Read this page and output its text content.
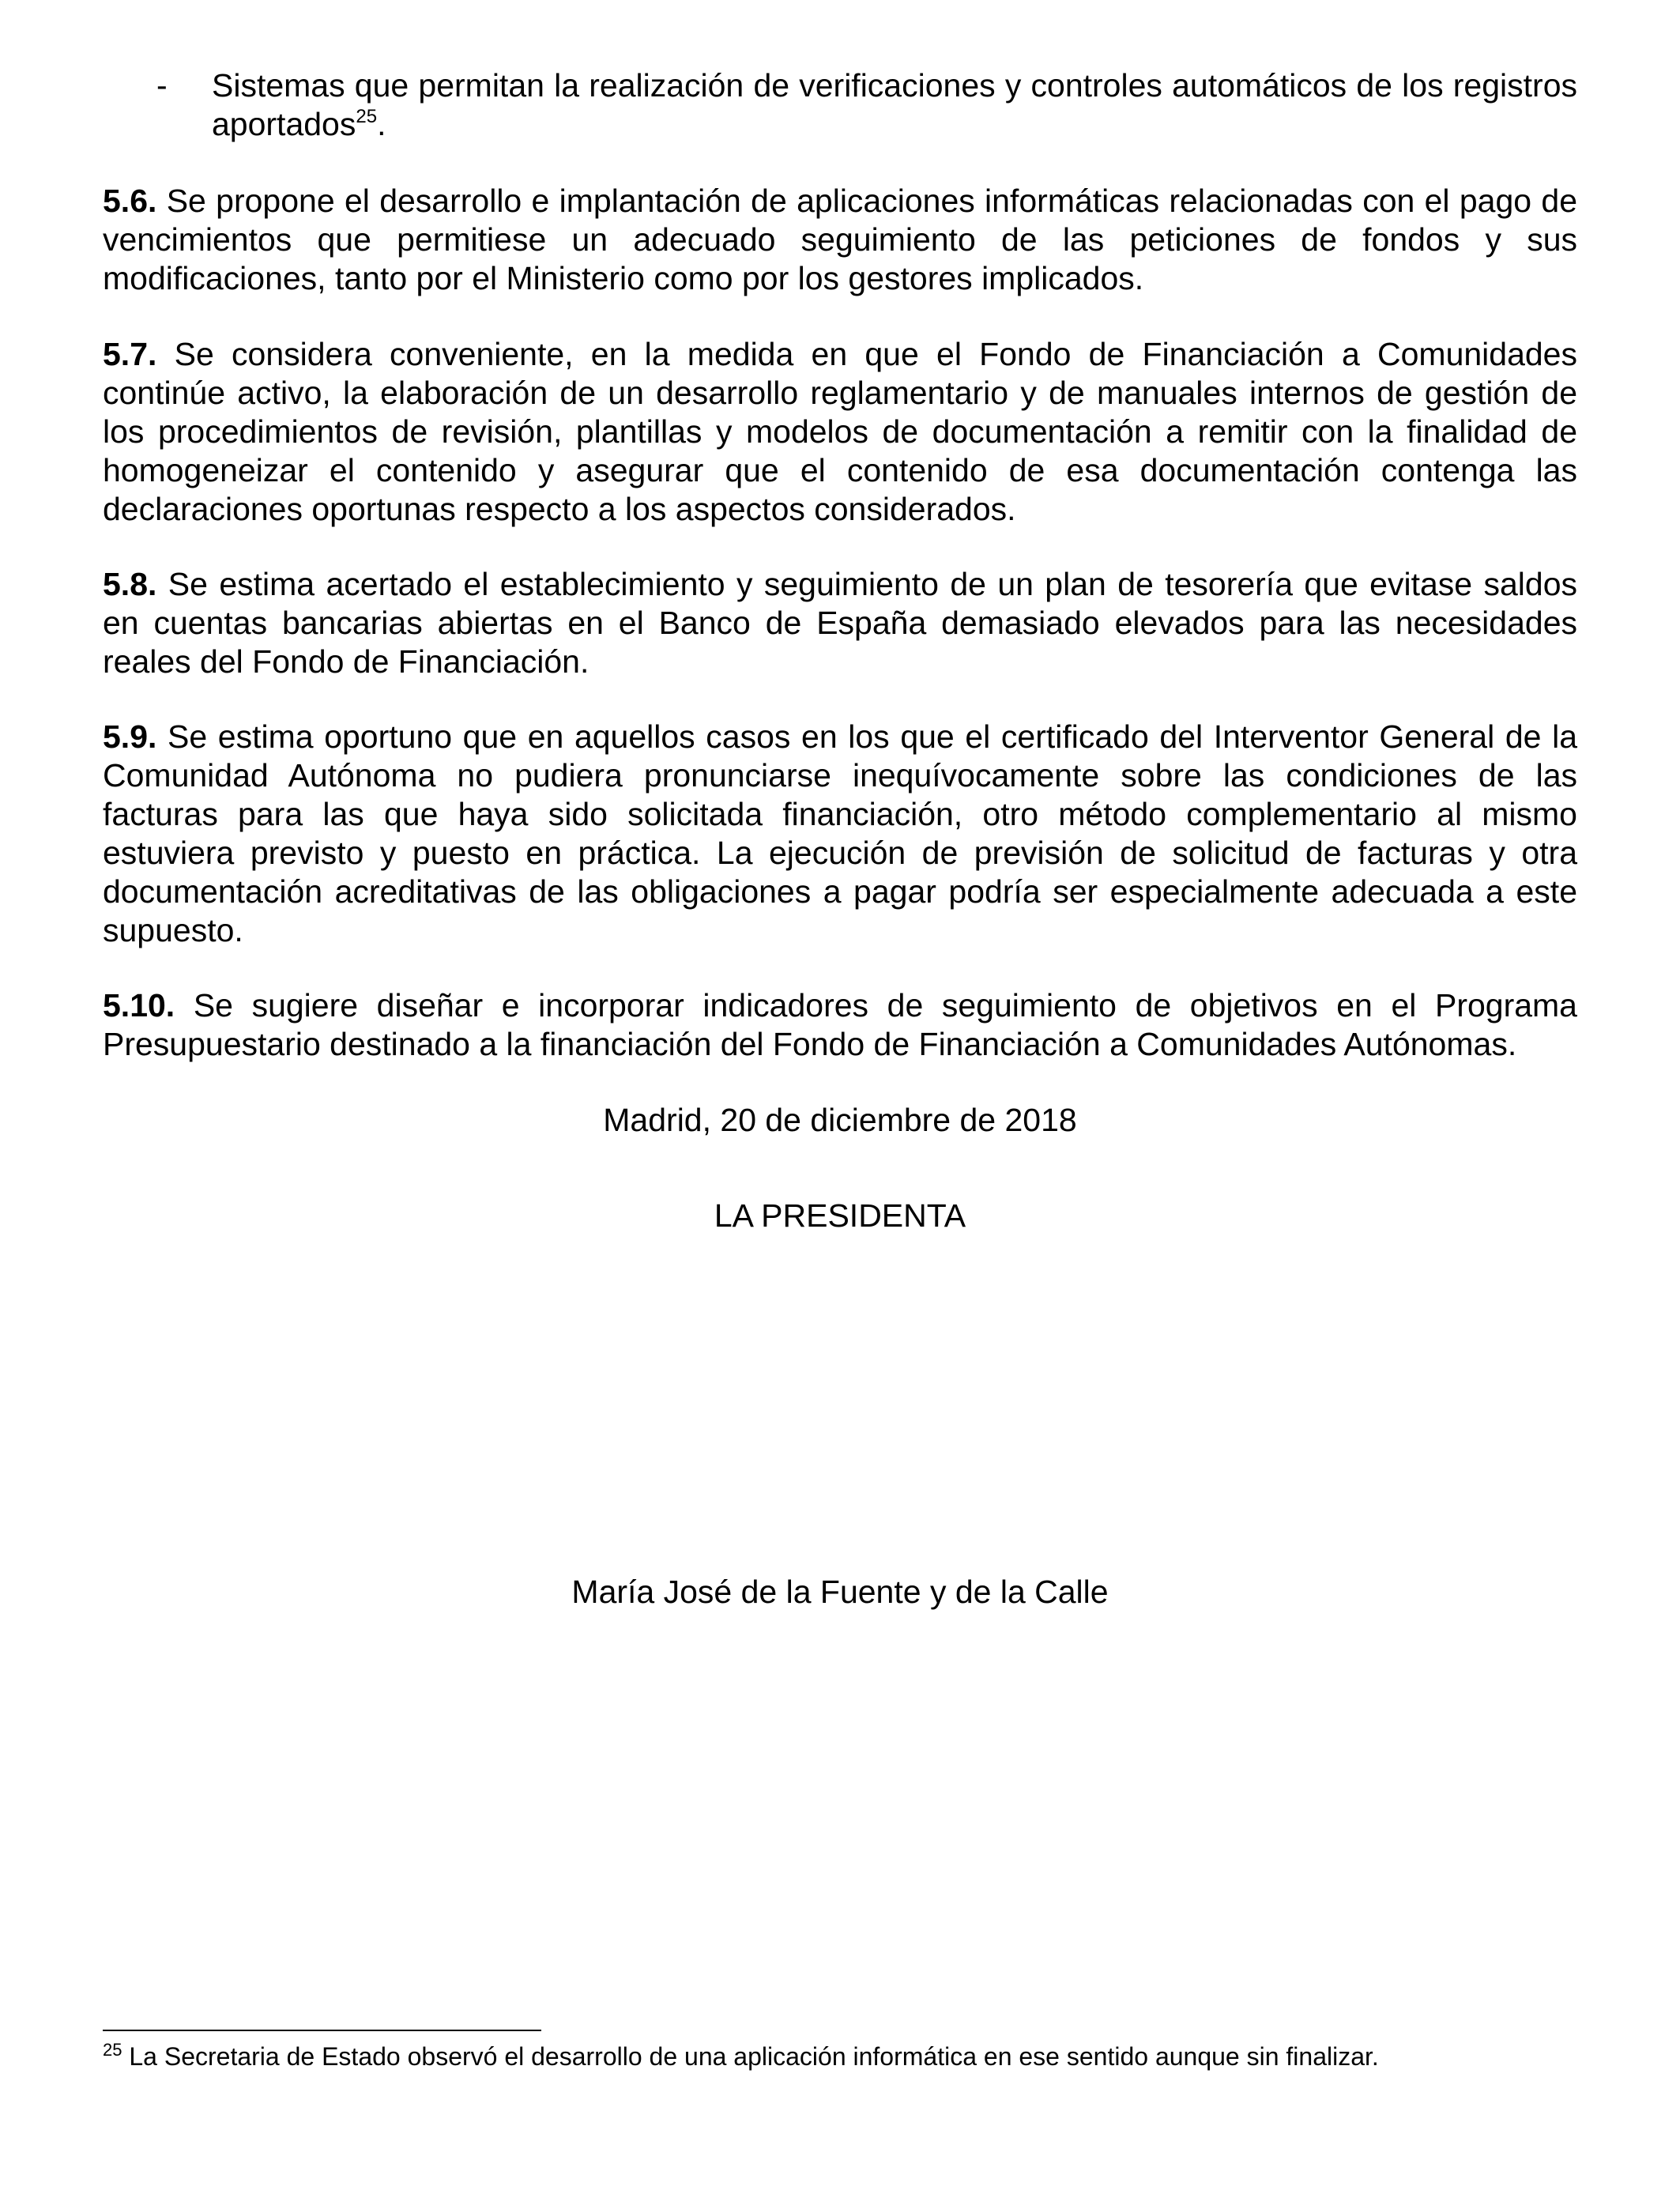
-	Sistemas que permitan la realización de verificaciones y controles automáticos de los registros aportados$^{25}$.
5.6. Se propone el desarrollo e implantación de aplicaciones informáticas relacionadas con el pago de vencimientos que permitiese un adecuado seguimiento de las peticiones de fondos y sus modificaciones, tanto por el Ministerio como por los gestores implicados.
5.7. Se considera conveniente, en la medida en que el Fondo de Financiación a Comunidades continúe activo, la elaboración de un desarrollo reglamentario y de manuales internos de gestión de los procedimientos de revisión, plantillas y modelos de documentación a remitir con la finalidad de homogeneizar el contenido y asegurar que el contenido de esa documentación contenga las declaraciones oportunas respecto a los aspectos considerados.
5.8. Se estima acertado el establecimiento y seguimiento de un plan de tesorería que evitase saldos en cuentas bancarias abiertas en el Banco de España demasiado elevados para las necesidades reales del Fondo de Financiación.
5.9. Se estima oportuno que en aquellos casos en los que el certificado del Interventor General de la Comunidad Autónoma no pudiera pronunciarse inequívocamente sobre las condiciones de las facturas para las que haya sido solicitada financiación, otro método complementario al mismo estuviera previsto y puesto en práctica. La ejecución de previsión de solicitud de facturas y otra documentación acreditativas de las obligaciones a pagar podría ser especialmente adecuada a este supuesto.
5.10. Se sugiere diseñar e incorporar indicadores de seguimiento de objetivos en el Programa Presupuestario destinado a la financiación del Fondo de Financiación a Comunidades Autónomas.
Madrid, 20 de diciembre de 2018
LA PRESIDENTA
María José de la Fuente y de la Calle
$^{25}$ La Secretaria de Estado observó el desarrollo de una aplicación informática en ese sentido aunque sin finalizar.
